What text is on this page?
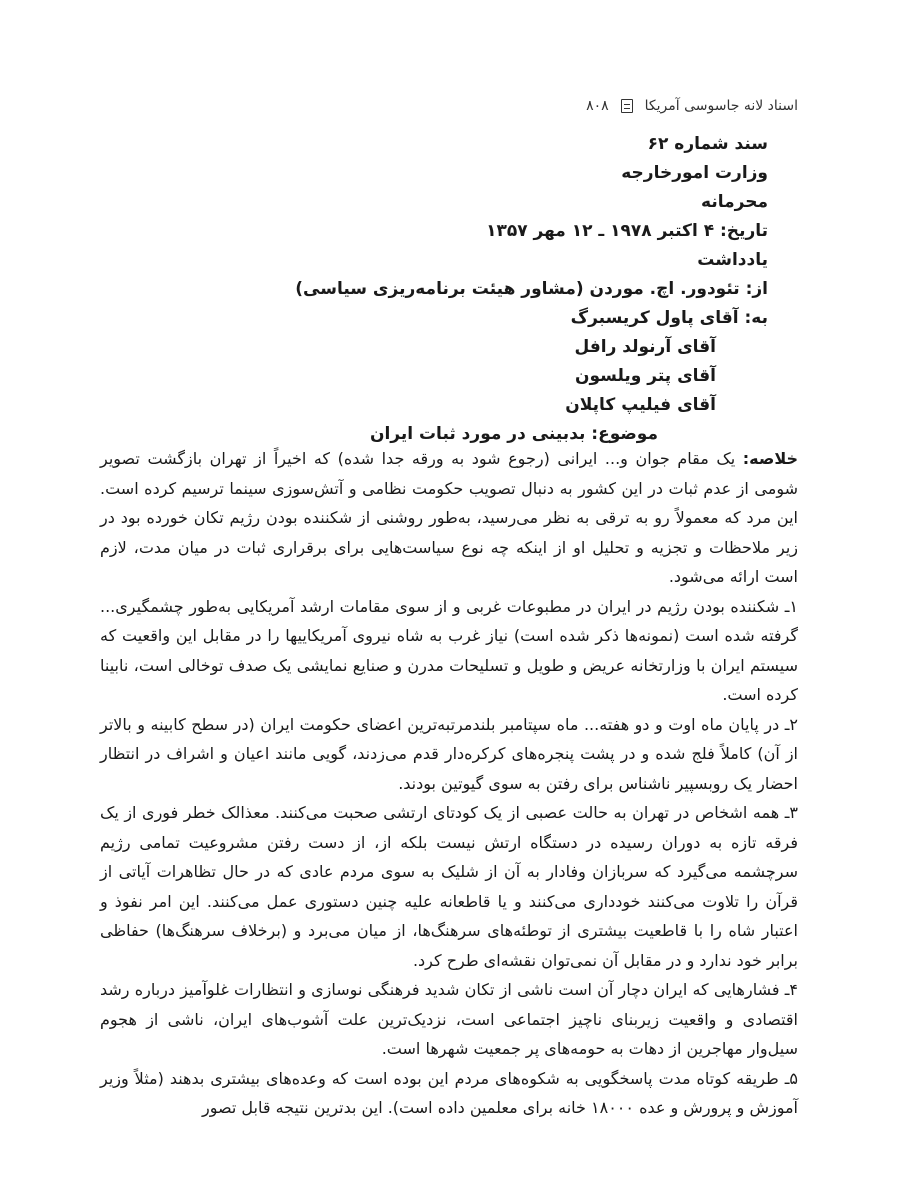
اسناد لانه جاسوسی آمریکا
۸۰۸
سند شماره ۶۲
وزارت امورخارجه
محرمانه
تاریخ: ۴ اکتبر ۱۹۷۸ ـ ۱۲ مهر ۱۳۵۷
یادداشت
از: تئودور. اچ. موردن (مشاور هیئت برنامه‌ریزی سیاسی)
به: آقای پاول کریسبرگ
آقای آرنولد رافل
آقای پتر ویلسون
آقای فیلیپ کاپلان
موضوع: بدبینی در مورد ثبات ایران

خلاصه: یک مقام جوان و... ایرانی (رجوع شود به ورقه جدا شده) که اخیراً از تهران بازگشت تصویر شومی از عدم ثبات در این کشور به دنبال تصویب حکومت نظامی و آتش‌سوزی سینما ترسیم کرده است. این مرد که معمولاً رو به ترقی به نظر می‌رسید، به‌طور روشنی از شکننده بودن رژیم تکان خورده بود در زیر ملاحظات و تجزیه و تحلیل او از اینکه چه نوع سیاست‌هایی برای برقراری ثبات در میان مدت، لازم است ارائه می‌شود.

۱ـ شکننده بودن رژیم در ایران در مطبوعات غربی و از سوی مقامات ارشد آمریکایی به‌طور چشمگیری... گرفته شده است (نمونه‌ها ذکر شده است) نیاز غرب به شاه نیروی آمریکاییها را در مقابل این واقعیت که سیستم ایران با وزارتخانه عریض و طویل و تسلیحات مدرن و صنایع نمایشی یک صدف توخالی است، نابینا کرده است.

۲ـ در پایان ماه اوت و دو هفته... ماه سپتامبر بلندمرتبه‌ترین اعضای حکومت ایران (در سطح کابینه و بالاتر از آن) کاملاً فلج شده و در پشت پنجره‌های کرکره‌دار قدم می‌زدند، گویی مانند اعیان و اشراف در انتظار احضار یک روبسپیر ناشناس برای رفتن به سوی گیوتین بودند.

۳ـ همه اشخاص در تهران به حالت عصبی از یک کودتای ارتشی صحبت می‌کنند. معذالک خطر فوری از یک فرقه تازه به دوران رسیده در دستگاه ارتش نیست بلکه از، از دست رفتن مشروعیت تمامی رژیم سرچشمه می‌گیرد که سربازان وفادار به آن از شلیک به سوی مردم عادی که در حال تظاهرات آیاتی از قرآن را تلاوت می‌کنند خودداری می‌کنند و یا قاطعانه علیه چنین دستوری عمل می‌کنند. این امر نفوذ و اعتبار شاه را با قاطعیت بیشتری از توطئه‌های سرهنگ‌ها، از میان می‌برد و (برخلاف سرهنگ‌ها) حفاظی برابر خود ندارد و در مقابل آن نمی‌توان نقشه‌ای طرح کرد.

۴ـ فشارهایی که ایران دچار آن است ناشی از تکان شدید فرهنگی نوسازی و انتظارات غلوآمیز درباره رشد اقتصادی و واقعیت زیربنای ناچیز اجتماعی است، نزدیک‌ترین علت آشوب‌های ایران، ناشی از هجوم سیل‌وار مهاجرین از دهات به حومه‌های پر جمعیت شهرها است.

۵ـ طریقه کوتاه مدت پاسخگویی به شکوه‌های مردم این بوده است که وعده‌های بیشتری بدهند (مثلاً وزیر آموزش و پرورش و عده ۱۸۰۰۰ خانه برای معلمین داده است). این بدترین نتیجه قابل تصور
